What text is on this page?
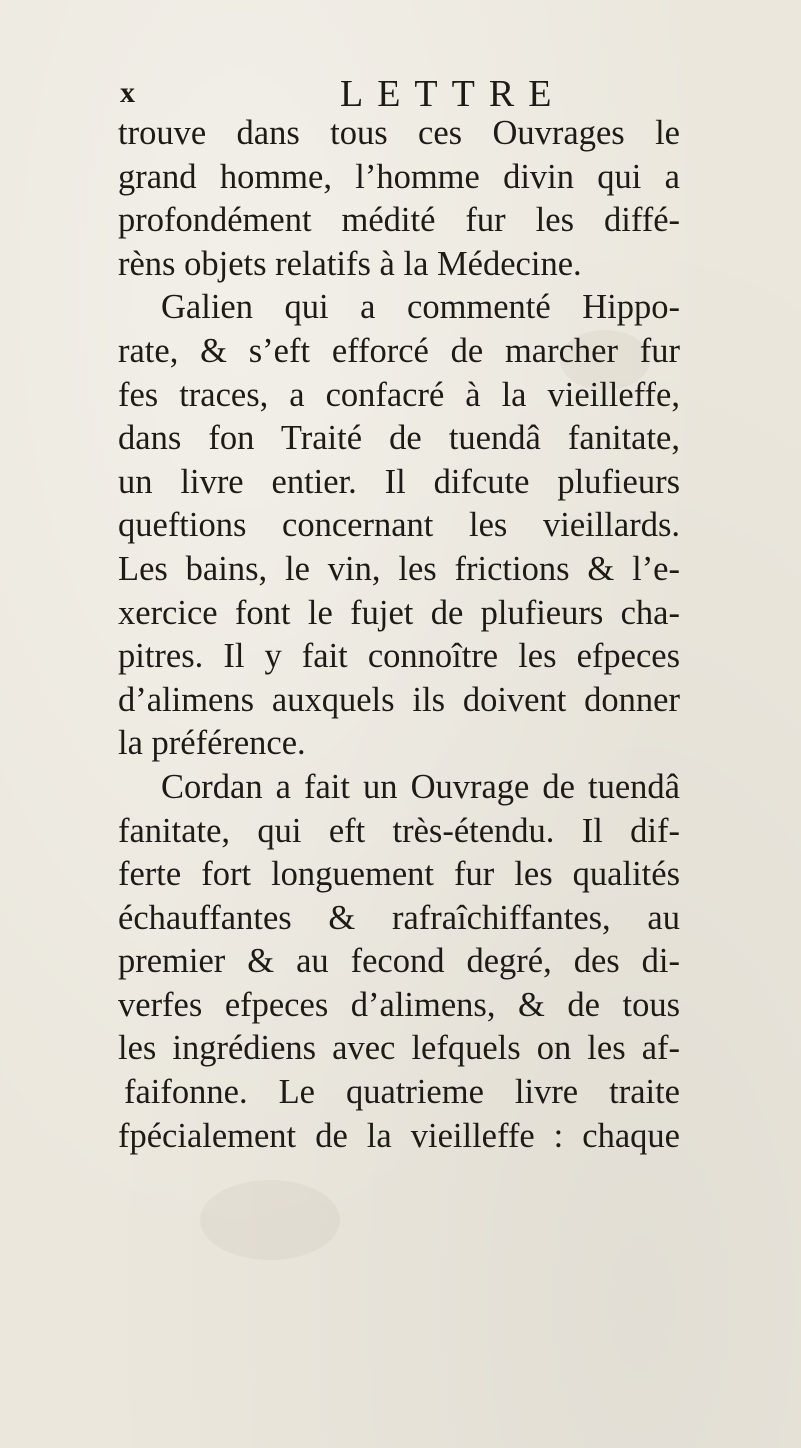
x	LETTRE
trouve dans tous ces Ouvrages le
grand homme, l’homme divin qui a
profondément médité fur les diffé-
rèns objets relatifs à la Médecine.
Galien qui a commenté Hippo-
rate, & s’eft efforcé de marcher fur
fes traces, a confacré à la vieilleffe,
dans fon Traité de tuendâ fanitate,
un livre entier. Il difcute plufieurs
queftions concernant les vieillards.
Les bains, le vin, les frictions & l’e-
xercice font le fujet de plufieurs cha-
pitres. Il y fait connoître les efpeces
d’alimens auxquels ils doivent donner
la préférence.
Cordan a fait un Ouvrage de tuendâ
fanitate, qui eft très-étendu. Il dif-
ferte fort longuement fur les qualités
échauffantes & rafraîchiffantes, au
premier & au fecond degré, des di-
verfes efpeces d’alimens, & de tous
les ingrédiens avec lefquels on les af-
faifonne. Le quatrieme livre traite
fpécialement de la vieilleffe : chaque
